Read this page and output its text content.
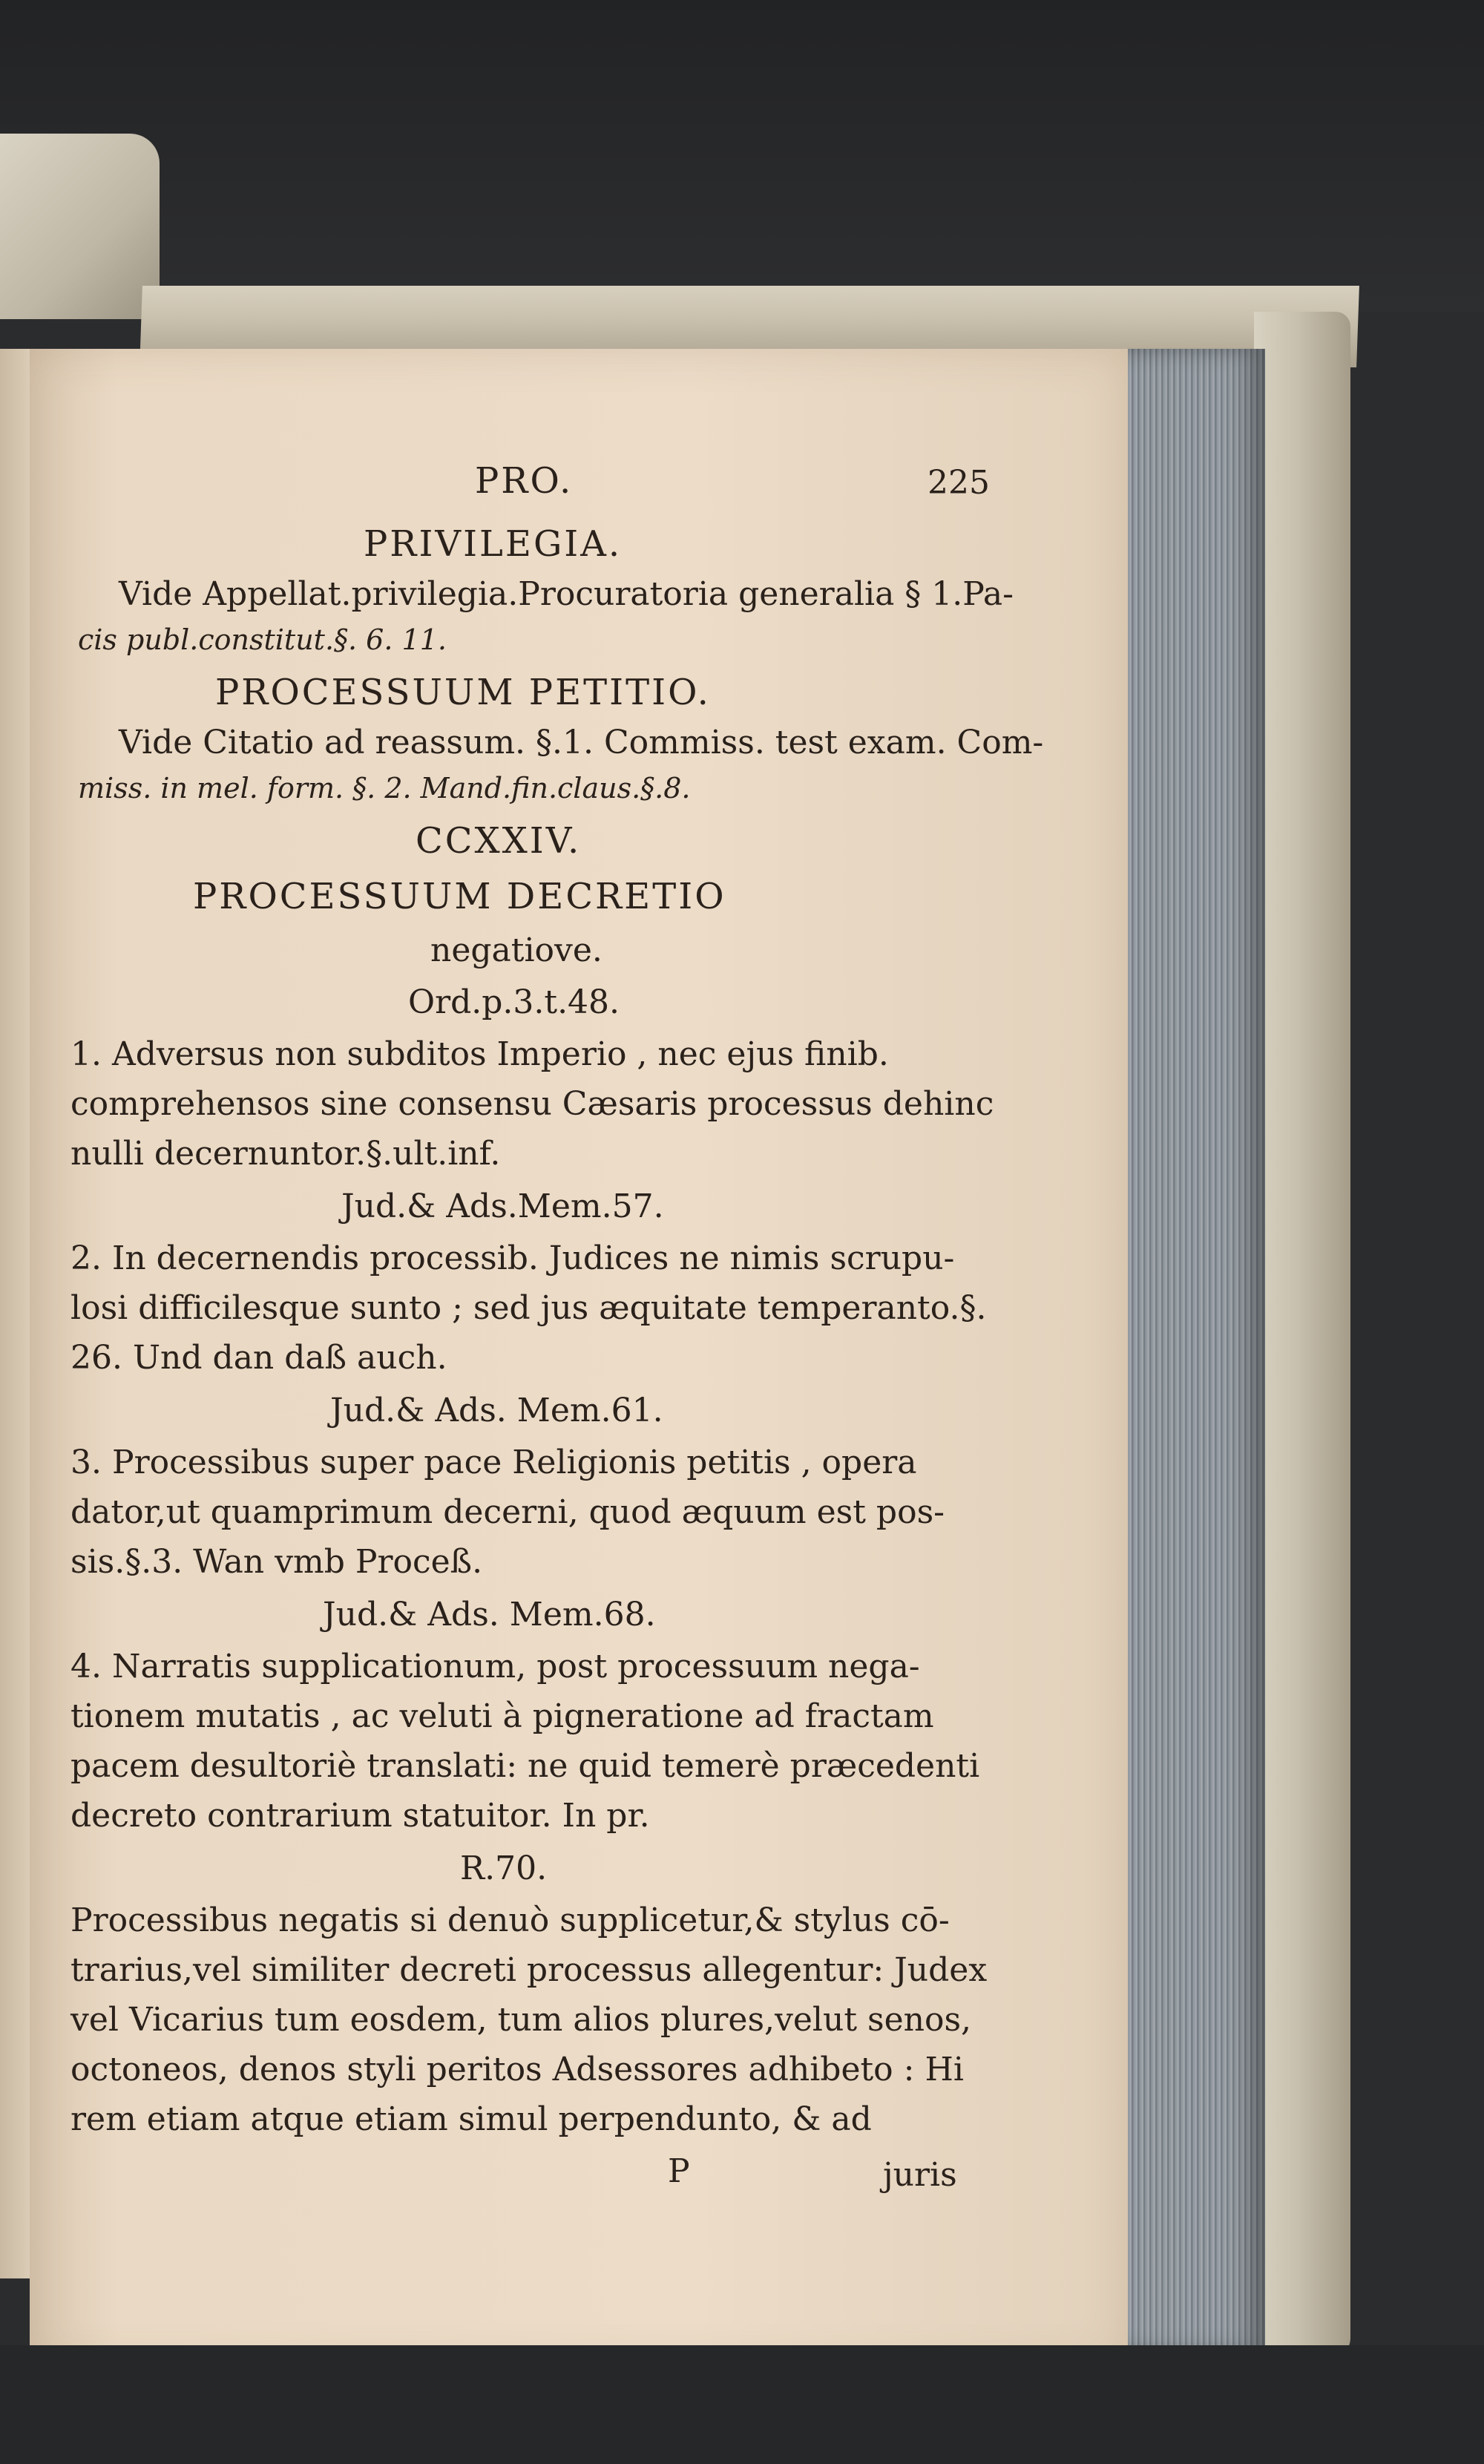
PRO.	225
PRIVILEGIA.
Vide Appellat.privilegia.Procuratoria generalia § 1.Pa-
cis publ.constitut.§. 6. 11.
PROCESSUUM PETITIO.
Vide Citatio ad reassum. §.1. Commiss. test exam. Com-
miss. in mel. form. §. 2. Mand.fin.claus.§.8.
CCXXIV.
PROCESSUUM DECRETIO
negatiove.
Ord.p.3.t.48.
1. Adversus non subditos Imperio , nec ejus finib.
comprehensos sine consensu Cæsaris processus dehinc
nulli decernuntor.§.ult.inf.
Jud.& Ads.Mem.57.
2. In decernendis processib. Judices ne nimis scrupu-
losi difficilesque sunto ; sed jus æquitate temperanto.§.
26. Und dan daß auch.
Jud.& Ads. Mem.61.
3. Processibus super pace Religionis petitis , opera
dator,ut quamprimum decerni, quod æquum est pos-
sis.§.3. Wan vmb Proceß.
Jud.& Ads. Mem.68.
4. Narratis supplicationum, post processuum nega-
tionem mutatis , ac veluti à pigneratione ad fractam
pacem desultoriè translati: ne quid temerè præcedenti
decreto contrarium statuitor. In pr.
R.70.
Processibus negatis si denuò supplicetur,& stylus cō-
trarius,vel similiter decreti processus allegentur: Judex
vel Vicarius tum eosdem, tum alios plures,velut senos,
octoneos, denos styli peritos Adsessores adhibeto : Hi
rem etiam atque etiam simul perpendunto, & ad
P	juris
